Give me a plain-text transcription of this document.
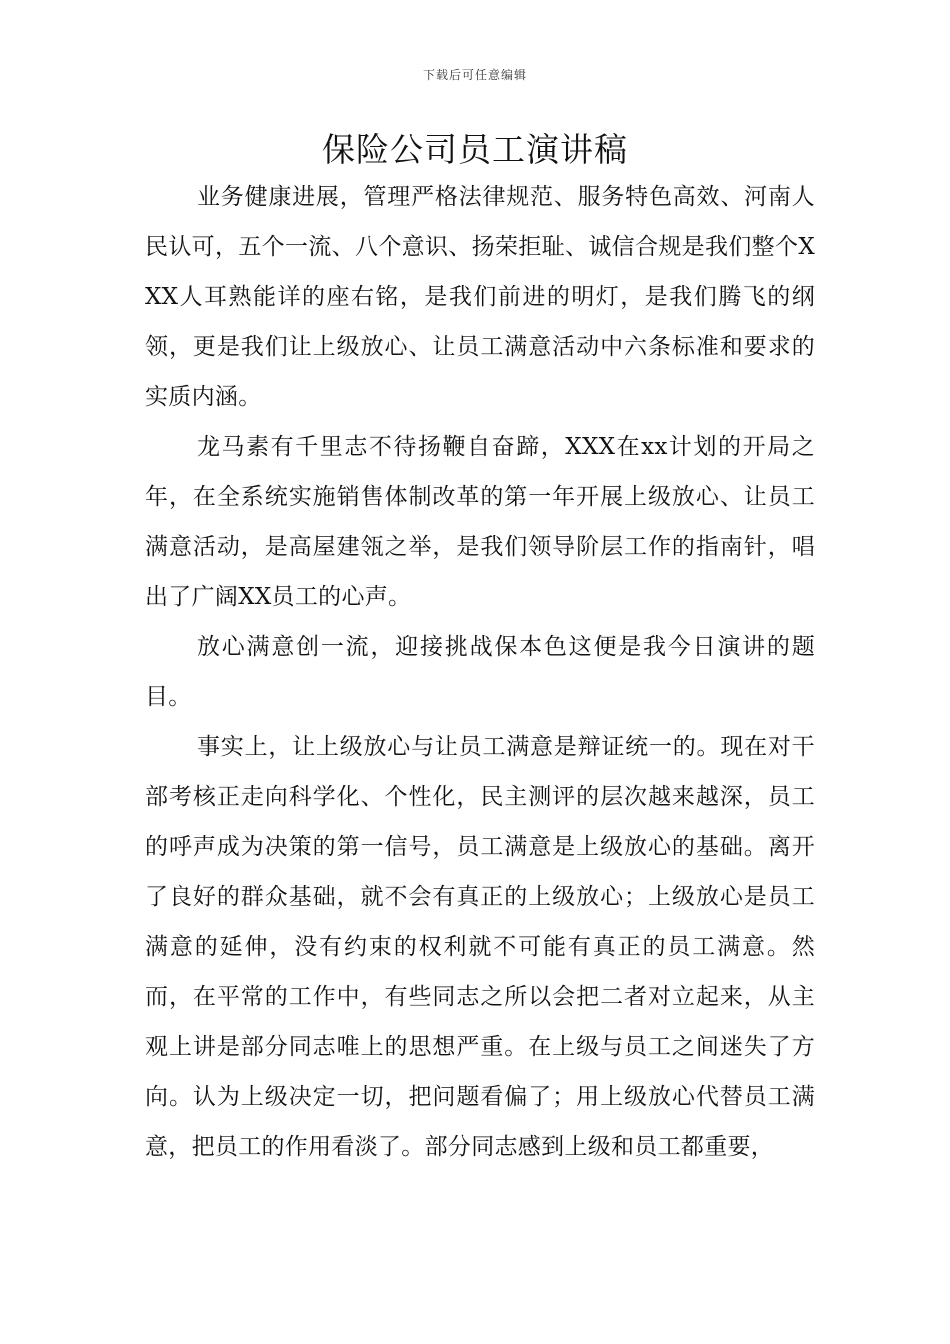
下载后可任意编辑
保险公司员工演讲稿

业务健康进展，管理严格法律规范、服务特色高效、河南人民认可，五个一流、八个意识、扬荣拒耻、诚信合规是我们整个XXX人耳熟能详的座右铭，是我们前进的明灯，是我们腾飞的纲领，更是我们让上级放心、让员工满意活动中六条标准和要求的实质内涵。

龙马素有千里志不待扬鞭自奋蹄，XXX在xx计划的开局之年，在全系统实施销售体制改革的第一年开展上级放心、让员工满意活动，是高屋建瓴之举，是我们领导阶层工作的指南针，唱出了广阔XX员工的心声。

放心满意创一流，迎接挑战保本色这便是我今日演讲的题目。

事实上，让上级放心与让员工满意是辩证统一的。现在对干部考核正走向科学化、个性化，民主测评的层次越来越深，员工的呼声成为决策的第一信号，员工满意是上级放心的基础。离开了良好的群众基础，就不会有真正的上级放心；上级放心是员工满意的延伸，没有约束的权利就不可能有真正的员工满意。然而，在平常的工作中，有些同志之所以会把二者对立起来，从主观上讲是部分同志唯上的思想严重。在上级与员工之间迷失了方向。认为上级决定一切，把问题看偏了；用上级放心代替员工满意，把员工的作用看淡了。部分同志感到上级和员工都重要，
